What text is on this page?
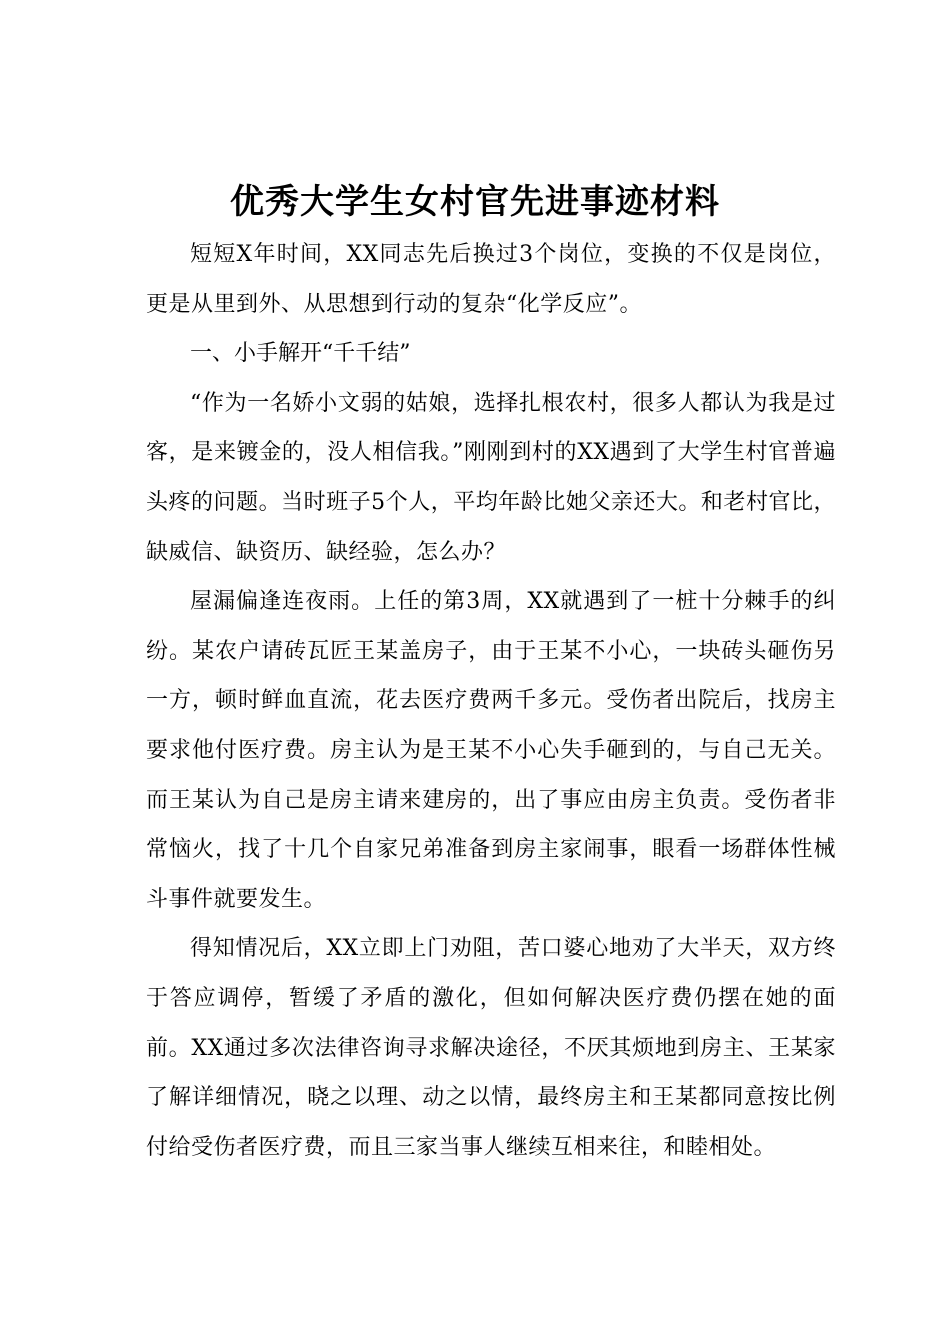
优秀大学生女村官先进事迹材料

短短X年时间，XX同志先后换过3个岗位，变换的不仅是岗位，更是从里到外、从思想到行动的复杂“化学反应”。

一、小手解开“千千结”

“作为一名娇小文弱的姑娘，选择扎根农村，很多人都认为我是过客，是来镀金的，没人相信我。”刚刚到村的XX遇到了大学生村官普遍头疼的问题。当时班子5个人，平均年龄比她父亲还大。和老村官比，缺威信、缺资历、缺经验，怎么办？

屋漏偏逢连夜雨。上任的第3周，XX就遇到了一桩十分棘手的纠纷。某农户请砖瓦匠王某盖房子，由于王某不小心，一块砖头砸伤另一方，顿时鲜血直流，花去医疗费两千多元。受伤者出院后，找房主要求他付医疗费。房主认为是王某不小心失手砸到的，与自己无关。而王某认为自己是房主请来建房的，出了事应由房主负责。受伤者非常恼火，找了十几个自家兄弟准备到房主家闹事，眼看一场群体性械斗事件就要发生。

得知情况后，XX立即上门劝阻，苦口婆心地劝了大半天，双方终于答应调停，暂缓了矛盾的激化，但如何解决医疗费仍摆在她的面前。XX通过多次法律咨询寻求解决途径，不厌其烦地到房主、王某家了解详细情况，晓之以理、动之以情，最终房主和王某都同意按比例付给受伤者医疗费，而且三家当事人继续互相来往，和睦相处。
